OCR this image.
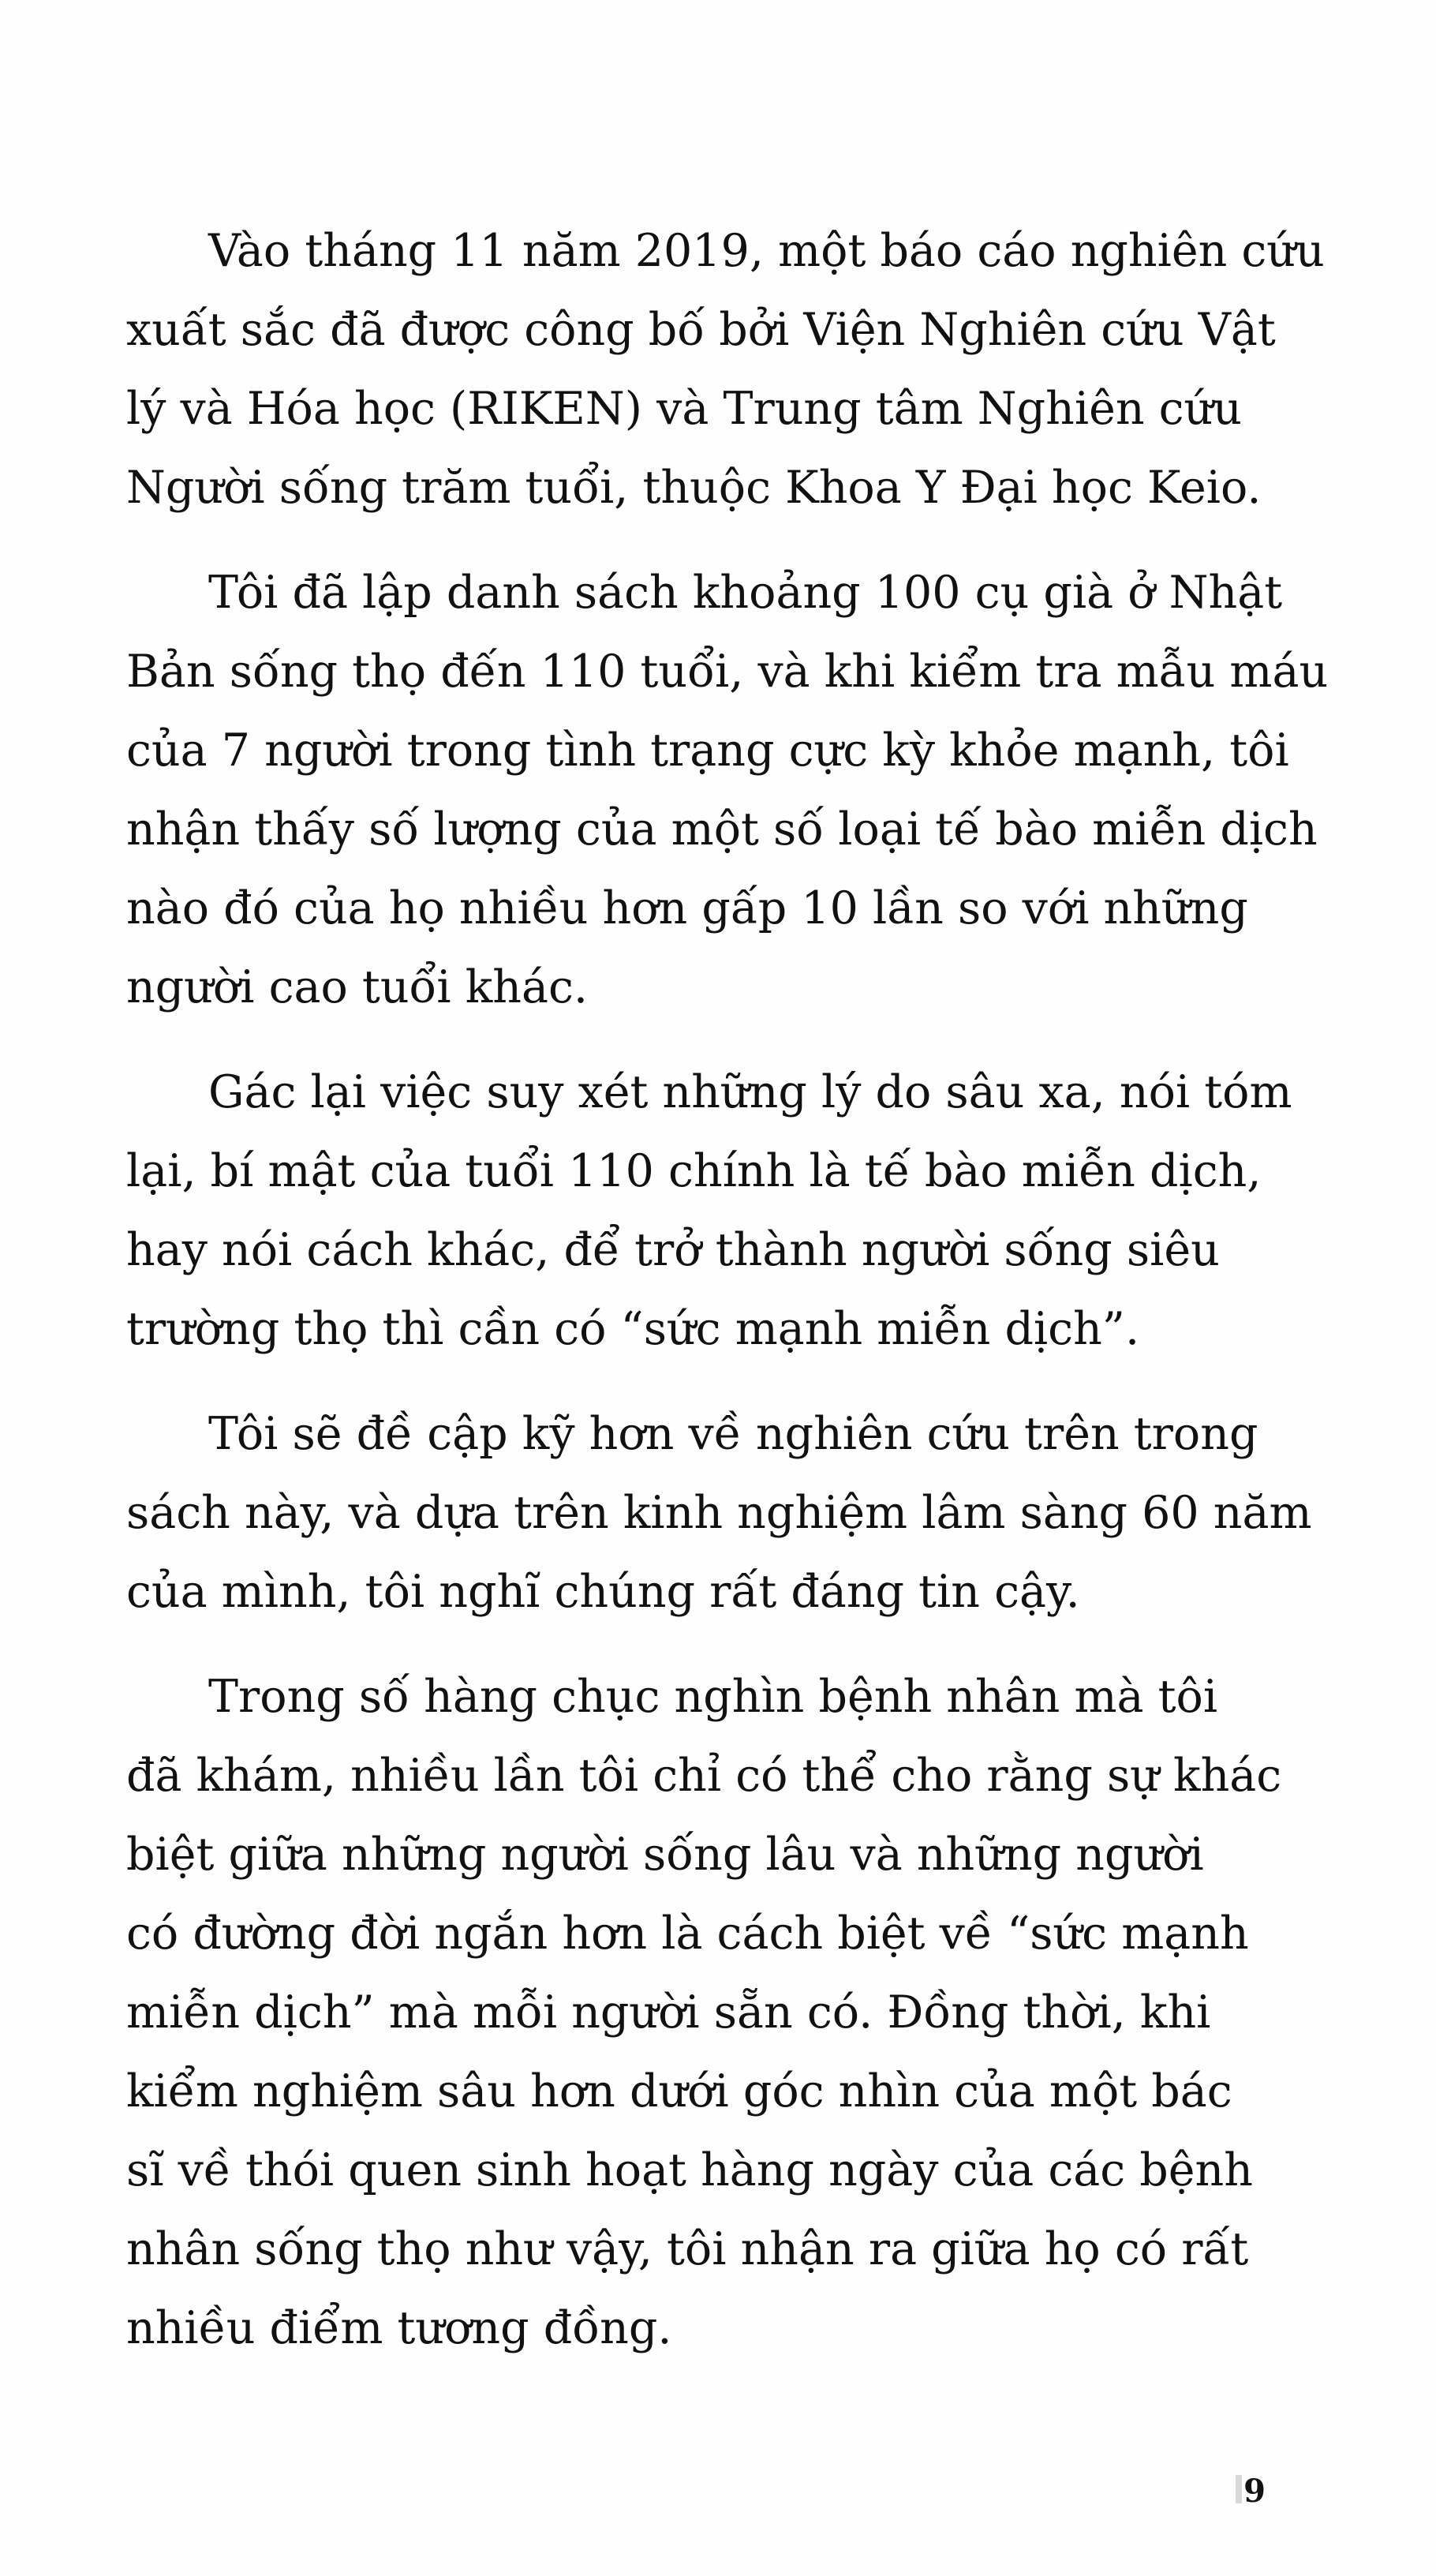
Vào tháng 11 năm 2019, một báo cáo nghiên cứu
xuất sắc đã được công bố bởi Viện Nghiên cứu Vật
lý và Hóa học (RIKEN) và Trung tâm Nghiên cứu
Người sống trăm tuổi, thuộc Khoa Y Đại học Keio.

Tôi đã lập danh sách khoảng 100 cụ già ở Nhật
Bản sống thọ đến 110 tuổi, và khi kiểm tra mẫu máu
của 7 người trong tình trạng cực kỳ khỏe mạnh, tôi
nhận thấy số lượng của một số loại tế bào miễn dịch
nào đó của họ nhiều hơn gấp 10 lần so với những
người cao tuổi khác.

Gác lại việc suy xét những lý do sâu xa, nói tóm
lại, bí mật của tuổi 110 chính là tế bào miễn dịch,
hay nói cách khác, để trở thành người sống siêu
trường thọ thì cần có “sức mạnh miễn dịch”.

Tôi sẽ đề cập kỹ hơn về nghiên cứu trên trong
sách này, và dựa trên kinh nghiệm lâm sàng 60 năm
của mình, tôi nghĩ chúng rất đáng tin cậy.

Trong số hàng chục nghìn bệnh nhân mà tôi
đã khám, nhiều lần tôi chỉ có thể cho rằng sự khác
biệt giữa những người sống lâu và những người
có đường đời ngắn hơn là cách biệt về “sức mạnh
miễn dịch” mà mỗi người sẵn có. Đồng thời, khi
kiểm nghiệm sâu hơn dưới góc nhìn của một bác
sĩ về thói quen sinh hoạt hàng ngày của các bệnh
nhân sống thọ như vậy, tôi nhận ra giữa họ có rất
nhiều điểm tương đồng.

9
